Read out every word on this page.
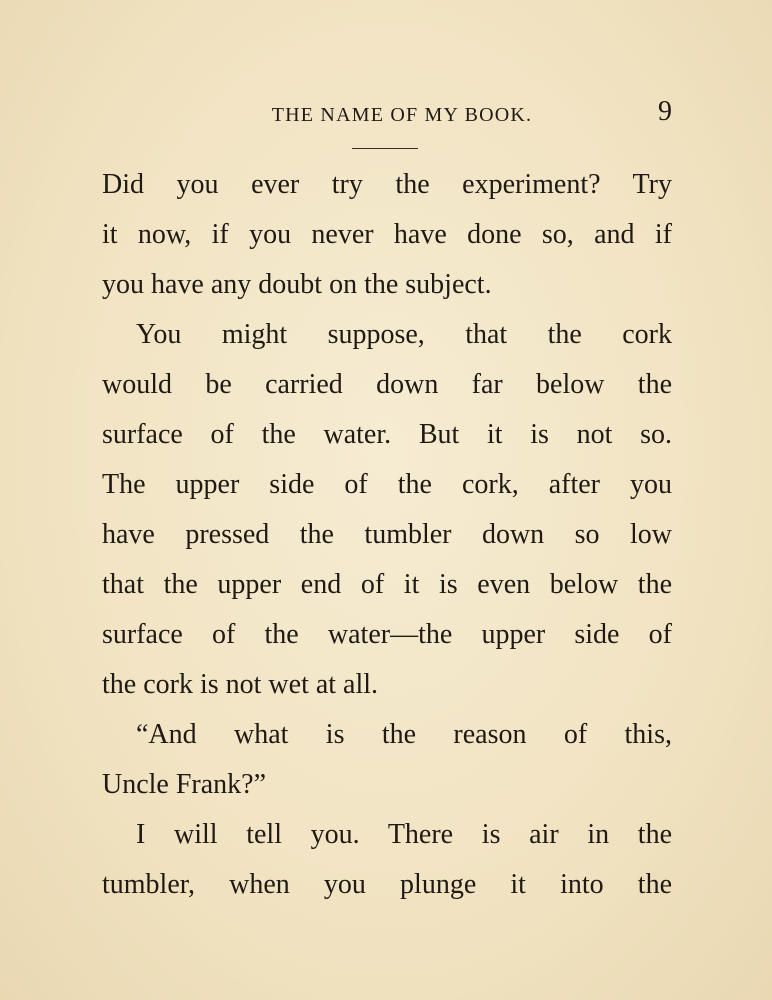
THE NAME OF MY BOOK.	9
Did you ever try the experiment? Try
it now, if you never have done so, and if
you have any doubt on the subject.
You might suppose, that the cork
would be carried down far below the
surface of the water. But it is not so.
The upper side of the cork, after you
have pressed the tumbler down so low
that the upper end of it is even below the
surface of the water—the upper side of
the cork is not wet at all.
“And what is the reason of this,
Uncle Frank?”
I will tell you. There is air in the
tumbler, when you plunge it into the
